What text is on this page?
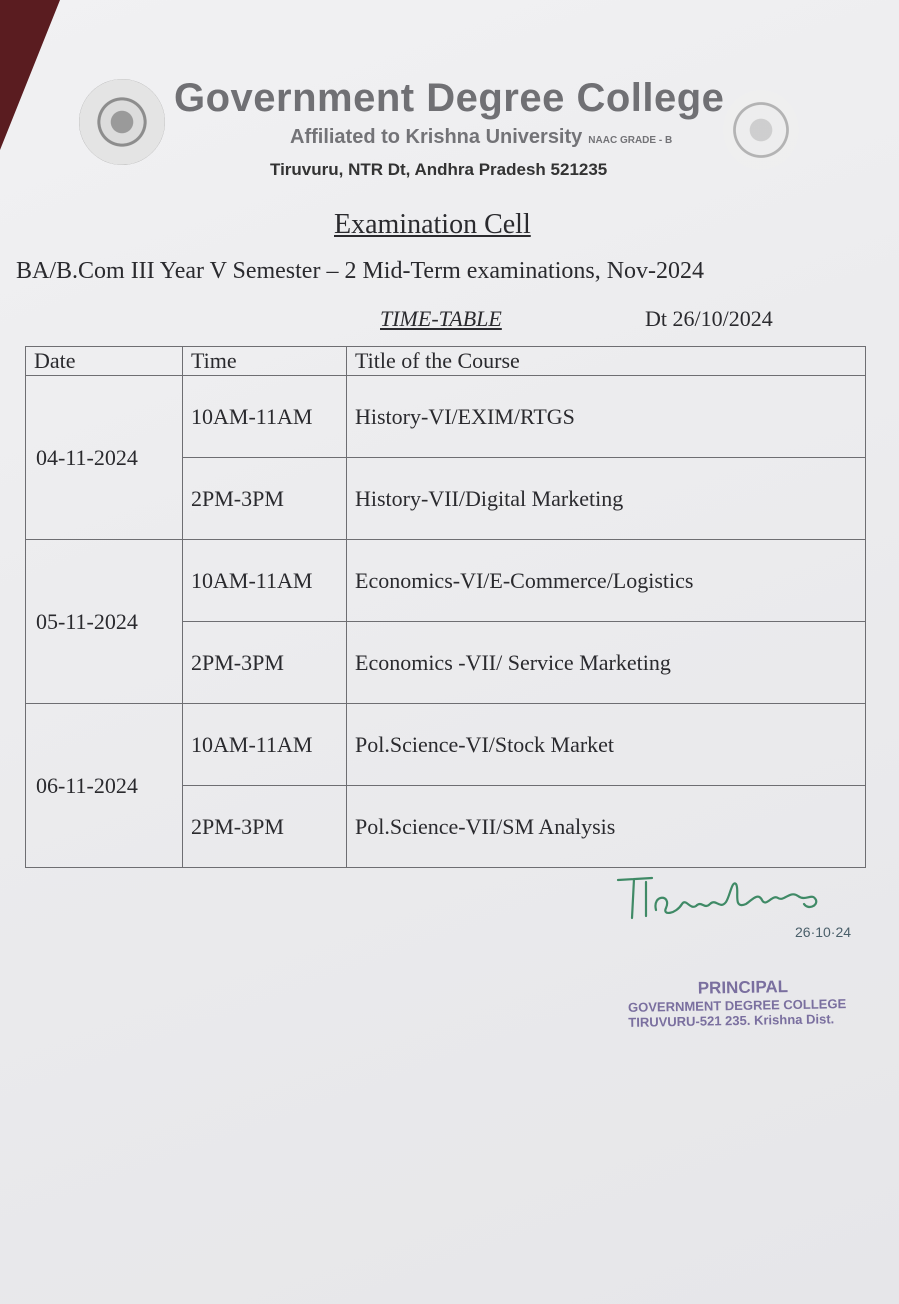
Government Degree College
Affiliated to Krishna University NAAC GRADE - B
Tiruvuru, NTR Dt, Andhra Pradesh 521235
Examination Cell
BA/B.Com III Year V Semester – 2 Mid-Term examinations, Nov-2024
TIME-TABLE	Dt 26/10/2024
Date	Time	Title of the Course
04-11-2024	10AM-11AM	History-VI/EXIM/RTGS
	2PM-3PM	History-VII/Digital Marketing
05-11-2024	10AM-11AM	Economics-VI/E-Commerce/Logistics
	2PM-3PM	Economics -VII/ Service Marketing
06-11-2024	10AM-11AM	Pol.Science-VI/Stock Market
	2PM-3PM	Pol.Science-VII/SM Analysis
26·10·24
PRINCIPAL
GOVERNMENT DEGREE COLLEGE
TIRUVURU-521 235. Krishna Dist.
